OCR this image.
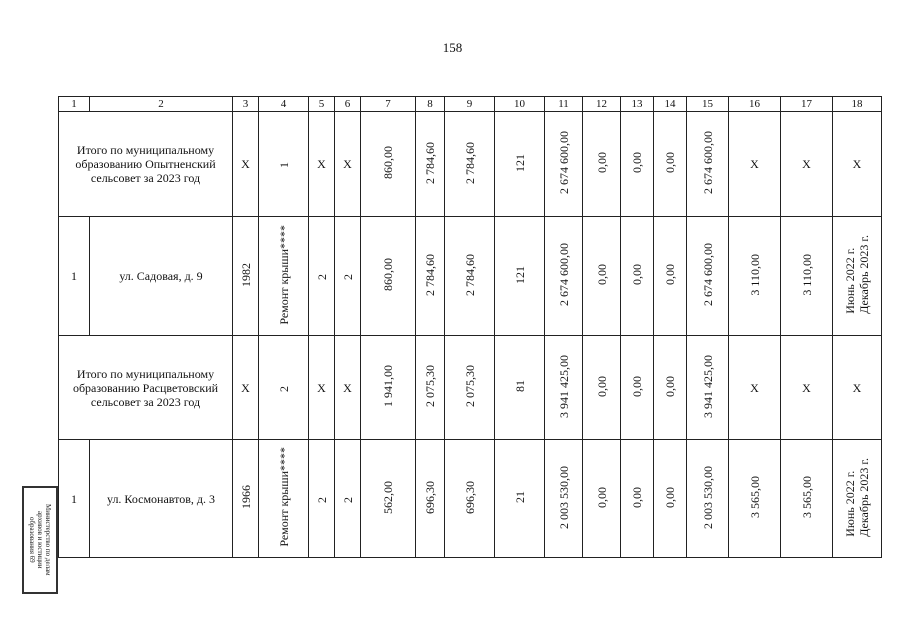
158
1	2	3	4	5	6	7	8	9	10	11	12	13	14	15	16	17	18
Итого по муниципальному образованию Опытненский сельсовет за 2023 год		X	1	X	X	860,00	2 784,60	2 784,60	121	2 674 600,00	0,00	0,00	0,00	2 674 600,00	X	X	X
1	ул. Садовая, д. 9	1982	Ремонт крыши****	2	2	860,00	2 784,60	2 784,60	121	2 674 600,00	0,00	0,00	0,00	2 674 600,00	3 110,00	3 110,00	Июнь 2022 г.
Декабрь 2023 г.
Итого по муниципальному образованию Расцветовский сельсовет за 2023 год		X	2	X	X	1 941,00	2 075,30	2 075,30	81	3 941 425,00	0,00	0,00	0,00	3 941 425,00	X	X	X
1	ул. Космонавтов, д. 3	1966	Ремонт крыши****	2	2	562,00	696,30	696,30	21	2 003 530,00	0,00	0,00	0,00	2 003 530,00	3 565,00	3 565,00	Июнь 2022 г.
Декабрь 2023 г.
Министерство по делам
архивов и юстиции
образования 69
